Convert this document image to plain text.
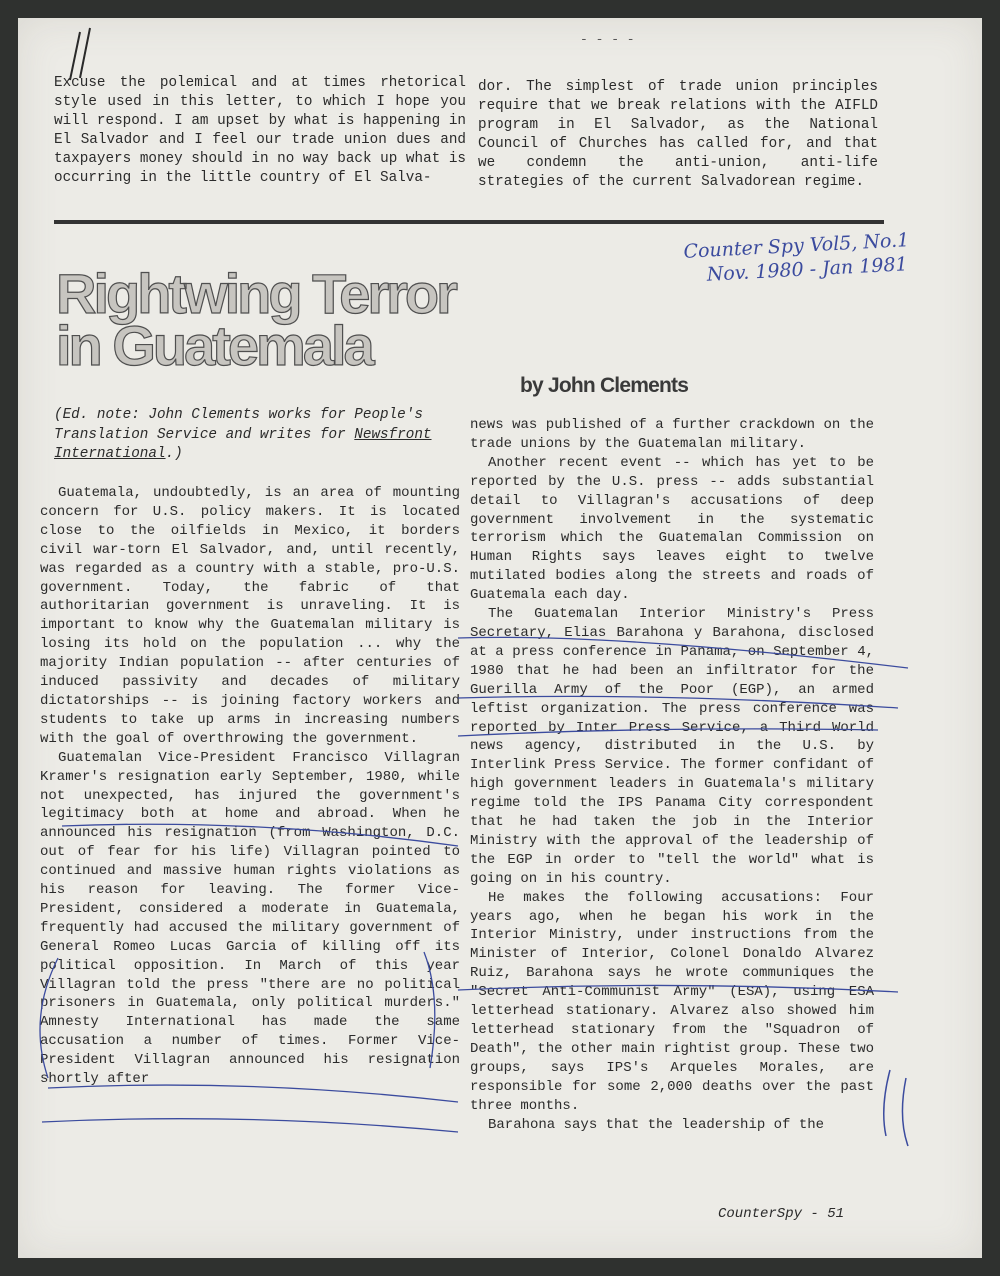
- - - -
Excuse the polemical and at times rhetorical style used in this letter, to which I hope you will respond. I am upset by what is happening in El Salvador and I feel our trade union dues and taxpayers money should in no way back up what is occurring in the little country of El Salva-
dor. The simplest of trade union principles require that we break relations with the AIFLD program in El Salvador, as the National Council of Churches has called for, and that we condemn the anti-union, anti-life strategies of the current Salvadorean regime.
Counter Spy Vol5, No.1
Nov. 1980 - Jan 1981
Rightwing Terror
in Guatemala
by John Clements
(Ed. note: John Clements works for People's Translation Service and writes for Newsfront International.)

Guatemala, undoubtedly, is an area of mounting concern for U.S. policy makers. It is located close to the oilfields in Mexico, it borders civil war-torn El Salvador, and, until recently, was regarded as a country with a stable, pro-U.S. government. Today, the fabric of that authoritarian government is unraveling. It is important to know why the Guatemalan military is losing its hold on the population ... why the majority Indian population -- after centuries of induced passivity and decades of military dictatorships -- is joining factory workers and students to take up arms in increasing numbers with the goal of overthrowing the government.

Guatemalan Vice-President Francisco Villagran Kramer's resignation early September, 1980, while not unexpected, has injured the government's legitimacy both at home and abroad. When he announced his resignation (from Washington, D.C. out of fear for his life) Villagran pointed to continued and massive human rights violations as his reason for leaving. The former Vice-President, considered a moderate in Guatemala, frequently had accused the military government of General Romeo Lucas Garcia of killing off its political opposition. In March of this year Villagran told the press "there are no political prisoners in Guatemala, only political murders." Amnesty International has made the same accusation a number of times. Former Vice-President Villagran announced his resignation shortly after

news was published of a further crackdown on the trade unions by the Guatemalan military.

Another recent event -- which has yet to be reported by the U.S. press -- adds substantial detail to Villagran's accusations of deep government involvement in the systematic terrorism which the Guatemalan Commission on Human Rights says leaves eight to twelve mutilated bodies along the streets and roads of Guatemala each day.

The Guatemalan Interior Ministry's Press Secretary, Elias Barahona y Barahona, disclosed at a press conference in Panama, on September 4, 1980 that he had been an infiltrator for the Guerilla Army of the Poor (EGP), an armed leftist organization. The press conference was reported by Inter Press Service, a Third World news agency, distributed in the U.S. by Interlink Press Service. The former confidant of high government leaders in Guatemala's military regime told the IPS Panama City correspondent that he had taken the job in the Interior Ministry with the approval of the leadership of the EGP in order to "tell the world" what is going on in his country.

He makes the following accusations: Four years ago, when he began his work in the Interior Ministry, under instructions from the Minister of Interior, Colonel Donaldo Alvarez Ruiz, Barahona says he wrote communiques the "Secret Anti-Communist Army" (ESA), using ESA letterhead stationary. Alvarez also showed him letterhead stationary from the "Squadron of Death", the other main rightist group. These two groups, says IPS's Arqueles Morales, are responsible for some 2,000 deaths over the past three months.

Barahona says that the leadership of the

CounterSpy - 51
